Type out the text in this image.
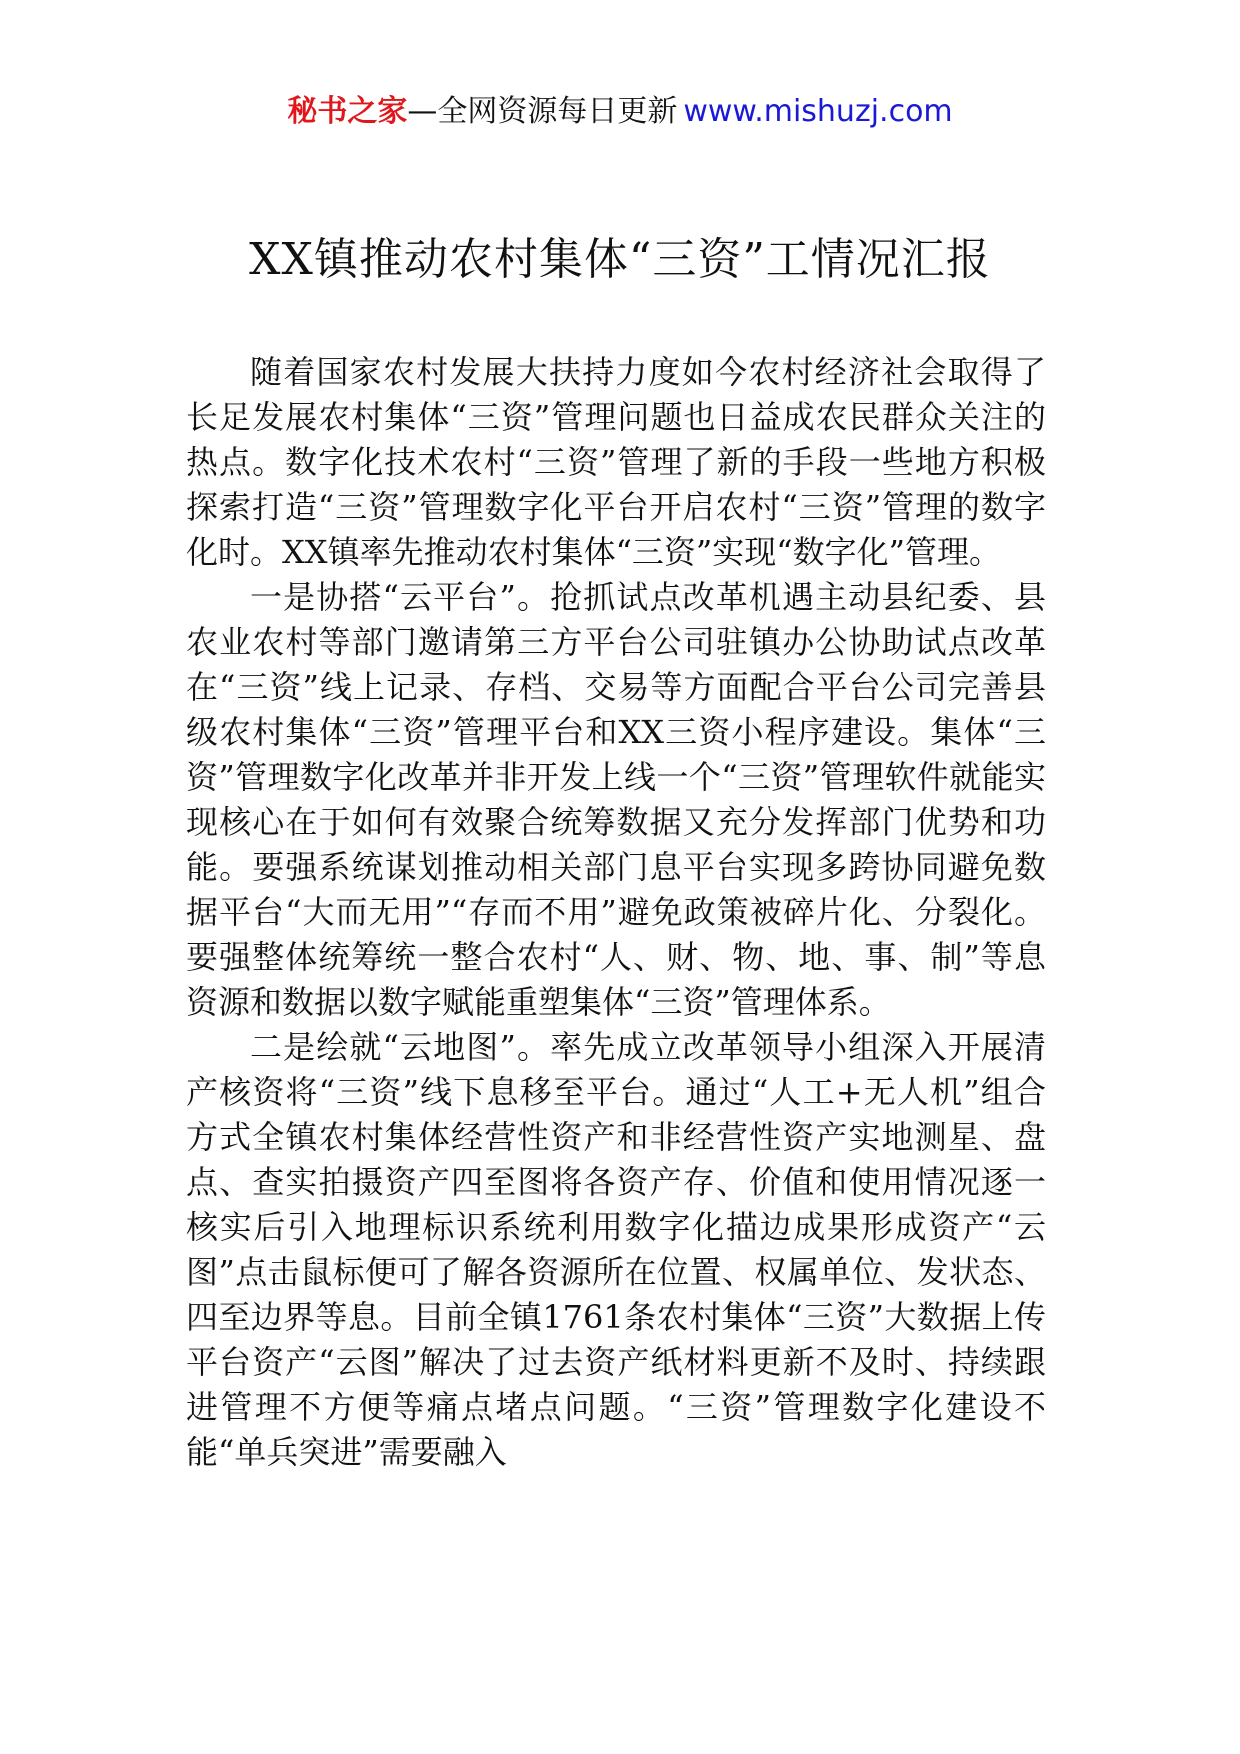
秘书之家—全网资源每日更新 www.mishuzj.com
XX镇推动农村集体“三资”工情况汇报

随着国家农村发展大扶持力度如今农村经济社会取得了长足发展农村集体“三资”管理问题也日益成农民群众关注的热点。数字化技术农村“三资”管理了新的手段一些地方积极探索打造“三资”管理数字化平台开启农村“三资”管理的数字化时。XX镇率先推动农村集体“三资”实现“数字化”管理。

一是协搭“云平台”。抢抓试点改革机遇主动县纪委、县农业农村等部门邀请第三方平台公司驻镇办公协助试点改革在“三资”线上记录、存档、交易等方面配合平台公司完善县级农村集体“三资”管理平台和XX三资小程序建设。集体“三资”管理数字化改革并非开发上线一个“三资”管理软件就能实现核心在于如何有效聚合统筹数据又充分发挥部门优势和功能。要强系统谋划推动相关部门息平台实现多跨协同避免数据平台“大而无用”“存而不用”避免政策被碎片化、分裂化。要强整体统筹统一整合农村“人、财、物、地、事、制”等息资源和数据以数字赋能重塑集体“三资”管理体系。

二是绘就“云地图”。率先成立改革领导小组深入开展清产核资将“三资”线下息移至平台。通过“人工+无人机”组合方式全镇农村集体经营性资产和非经营性资产实地测星、盘点、查实拍摄资产四至图将各资产存、价值和使用情况逐一核实后引入地理标识系统利用数字化描边成果形成资产“云图”点击鼠标便可了解各资源所在位置、权属单位、发状态、四至边界等息。目前全镇1761条农村集体“三资”大数据上传平台资产“云图”解决了过去资产纸材料更新不及时、持续跟进管理不方便等痛点堵点问题。“三资”管理数字化建设不能“单兵突进”需要融入
